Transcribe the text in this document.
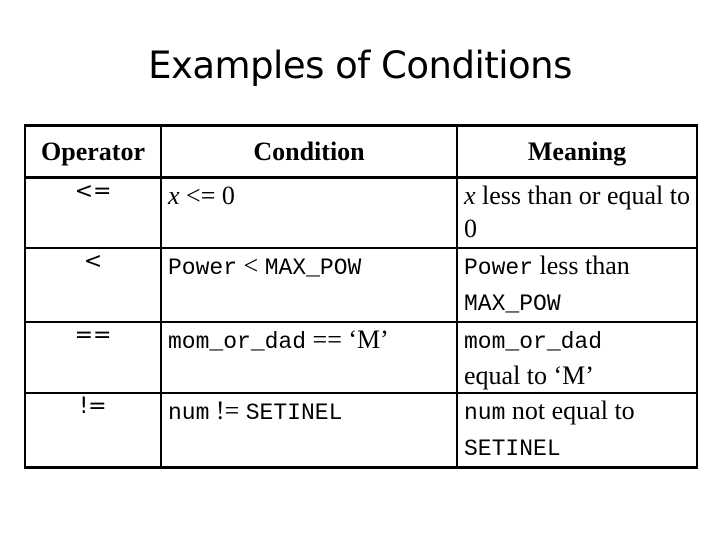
Examples of Conditions
Operator	Condition	Meaning
<=	x <= 0	x less than or equal to 0
<	Power < MAX_POW	Power less than
MAX_POW
==	mom_or_dad == ‘M’	mom_or_dad
equal to ‘M’
!=	num != SETINEL	num not equal to
SETINEL
